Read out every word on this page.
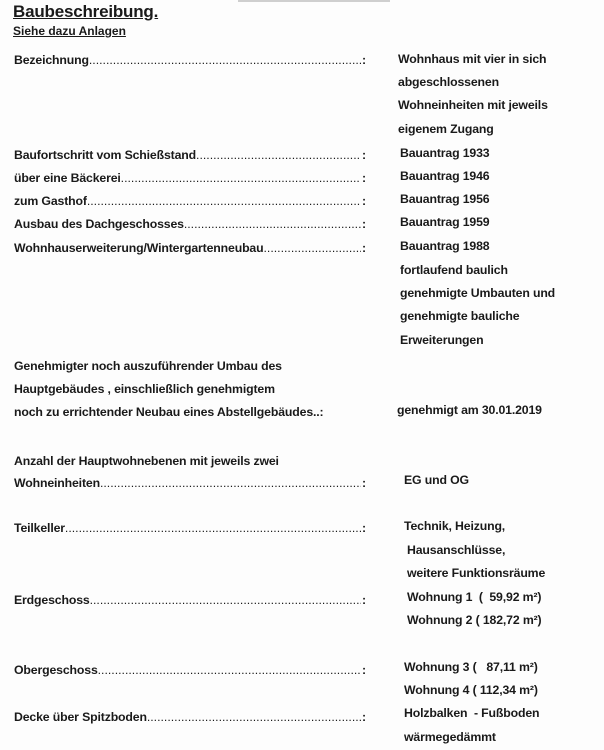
Baubeschreibung.
Siehe dazu Anlagen
Bezeichnung .....	:	Wohnhaus mit vier in sich
abgeschlossenen
Wohneinheiten mit jeweils
eigenem Zugang
Baufortschritt vom Schießstand .....	:	Bauantrag 1933
über eine Bäckerei .....	:	Bauantrag 1946
zum Gasthof .....	:	Bauantrag 1956
Ausbau des Dachgeschosses .....	:	Bauantrag 1959
Wohnhauserweiterung/Wintergartenneubau .....	:	Bauantrag 1988
fortlaufend baulich
genehmigte Umbauten und
genehmigte bauliche
Erweiterungen
Genehmigter noch auszuführender Umbau des
Hauptgebäudes , einschließlich genehmigtem
noch zu errichtender Neubau eines Abstellgebäudes..:	genehmigt am 30.01.2019
Anzahl der Hauptwohnebenen mit jeweils zwei
Wohneinheiten .....	:	EG und OG
Teilkeller .....	:	Technik, Heizung,
Hausanschlüsse,
weitere Funktionsräume
Erdgeschoss .....	:	Wohnung 1  (  59,92 m²)
Wohnung 2 ( 182,72 m²)
Obergeschoss .....	:	Wohnung 3 (   87,11 m²)
Wohnung 4 ( 112,34 m²)
Decke über Spitzboden .....	:	Holzbalken  - Fußboden
wärmegedämmt
